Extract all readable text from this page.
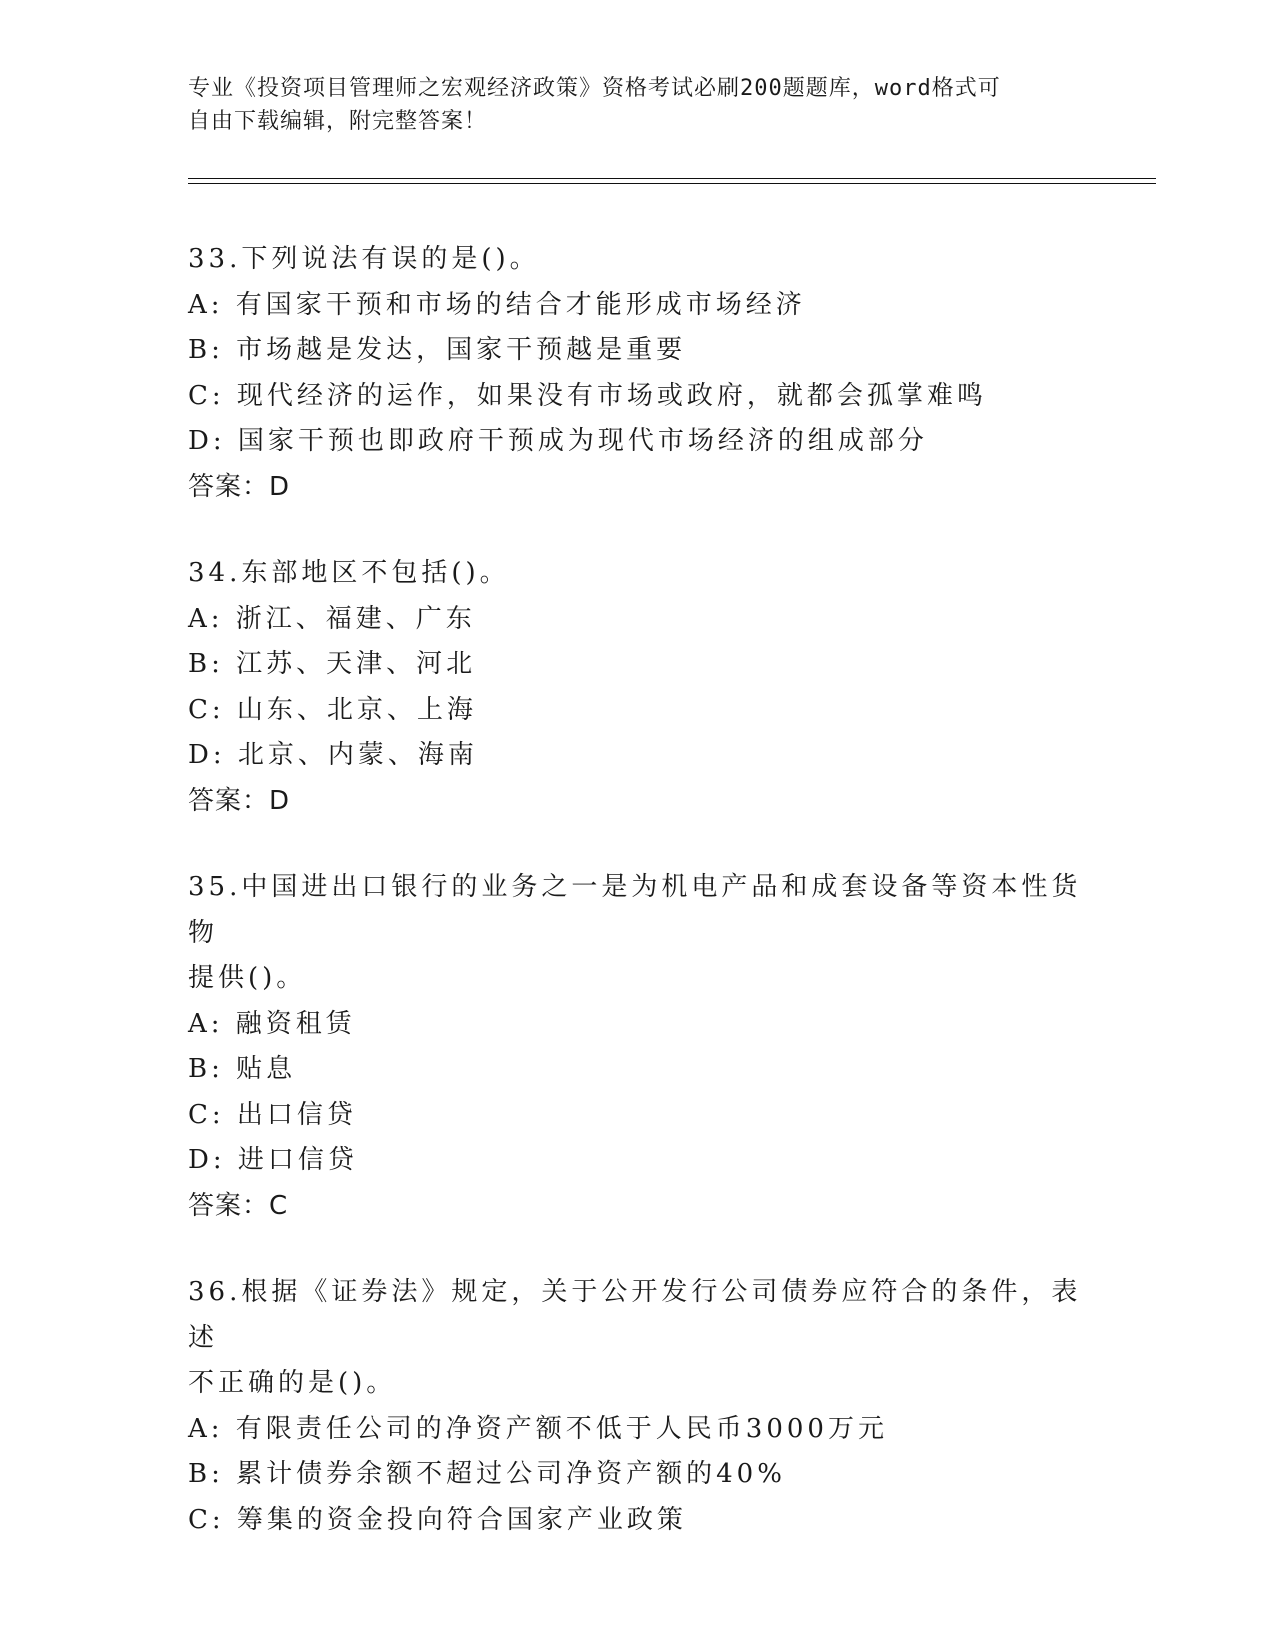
专业《投资项目管理师之宏观经济政策》资格考试必刷200题题库，word格式可
自由下载编辑，附完整答案！
33.下列说法有误的是()。
A: 有国家干预和市场的结合才能形成市场经济
B: 市场越是发达，国家干预越是重要
C: 现代经济的运作，如果没有市场或政府，就都会孤掌难鸣
D: 国家干预也即政府干预成为现代市场经济的组成部分
答案：D
34.东部地区不包括()。
A: 浙江、福建、广东
B: 江苏、天津、河北
C: 山东、北京、上海
D: 北京、内蒙、海南
答案：D
35.中国进出口银行的业务之一是为机电产品和成套设备等资本性货物
提供()。
A: 融资租赁
B: 贴息
C: 出口信贷
D: 进口信贷
答案：C
36.根据《证券法》规定，关于公开发行公司债券应符合的条件，表述
不正确的是()。
A: 有限责任公司的净资产额不低于人民币3000万元
B: 累计债券余额不超过公司净资产额的40%
C: 筹集的资金投向符合国家产业政策
